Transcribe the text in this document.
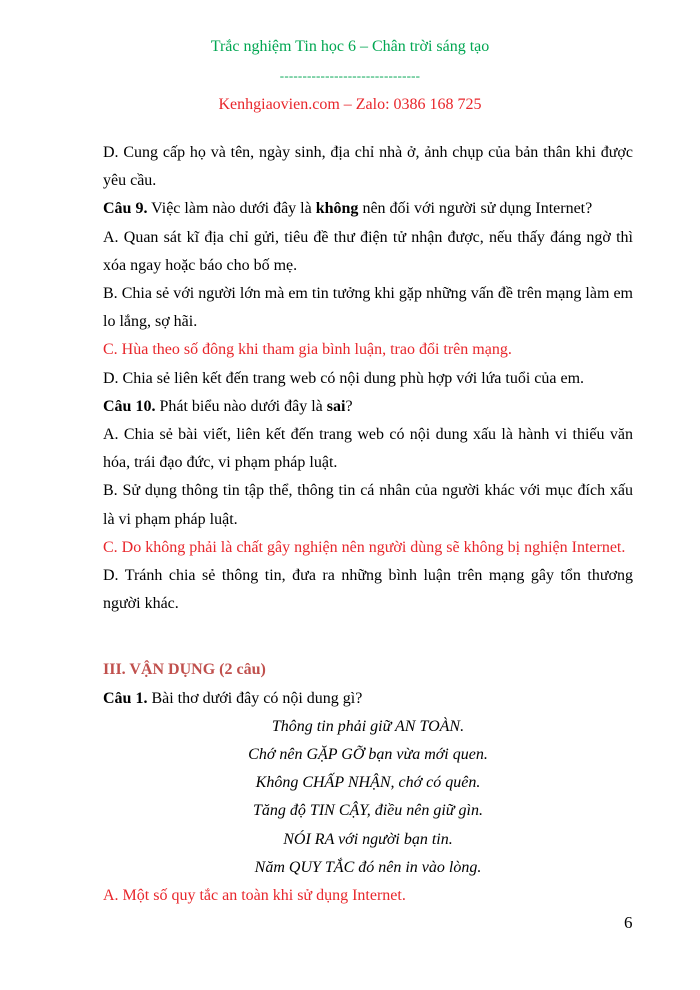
Trắc nghiệm Tin học 6 – Chân trời sáng tạo
-------------------------------
Kenhgiaovien.com – Zalo: 0386 168 725

D. Cung cấp họ và tên, ngày sinh, địa chỉ nhà ở, ảnh chụp của bản thân khi được yêu cầu.

Câu 9. Việc làm nào dưới đây là không nên đối với người sử dụng Internet?

A. Quan sát kĩ địa chỉ gửi, tiêu đề thư điện tử nhận được, nếu thấy đáng ngờ thì xóa ngay hoặc báo cho bố mẹ.

B. Chia sẻ với người lớn mà em tin tưởng khi gặp những vấn đề trên mạng làm em lo lắng, sợ hãi.

C. Hùa theo số đông khi tham gia bình luận, trao đổi trên mạng.

D. Chia sẻ liên kết đến trang web có nội dung phù hợp với lứa tuổi của em.

Câu 10. Phát biểu nào dưới đây là sai?

A. Chia sẻ bài viết, liên kết đến trang web có nội dung xấu là hành vi thiếu văn hóa, trái đạo đức, vi phạm pháp luật.

B. Sử dụng thông tin tập thể, thông tin cá nhân của người khác với mục đích xấu là vi phạm pháp luật.

C. Do không phải là chất gây nghiện nên người dùng sẽ không bị nghiện Internet.

D. Tránh chia sẻ thông tin, đưa ra những bình luận trên mạng gây tổn thương người khác.

III. VẬN DỤNG (2 câu)

Câu 1. Bài thơ dưới đây có nội dung gì?

Thông tin phải giữ AN TOÀN.

Chớ nên GẶP GỠ bạn vừa mới quen.

Không CHẤP NHẬN, chớ có quên.

Tăng độ TIN CẬY, điều nên giữ gìn.

NÓI RA với người bạn tin.

Năm QUY TẮC đó nên in vào lòng.

A. Một số quy tắc an toàn khi sử dụng Internet.

6
